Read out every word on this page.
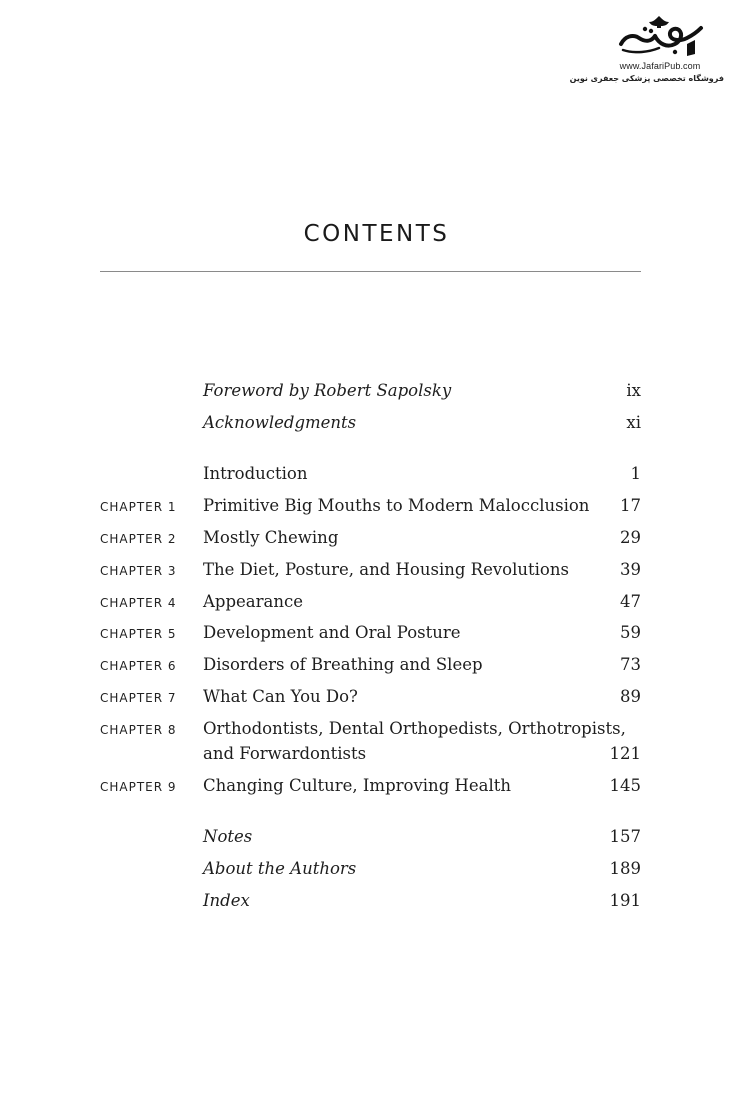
www.JafariPub.com
فروشگاه تخصصی پزشکی جعفری نوین
CONTENTS
Foreword by Robert Sapolsky	ix
Acknowledgments	xi
Introduction	1
CHAPTER 1 Primitive Big Mouths to Modern Malocclusion 17
CHAPTER 2 Mostly Chewing	29
CHAPTER 3 The Diet, Posture, and Housing Revolutions	39
CHAPTER 4 Appearance	47
CHAPTER 5 Development and Oral Posture	59
CHAPTER 6 Disorders of Breathing and Sleep	73
CHAPTER 7 What Can You Do?	89
CHAPTER 8 Orthodontists, Dental Orthopedists, Orthotropists,
and Forwardontists	121
CHAPTER 9 Changing Culture, Improving Health	145
Notes	157
About the Authors	189
Index	191
